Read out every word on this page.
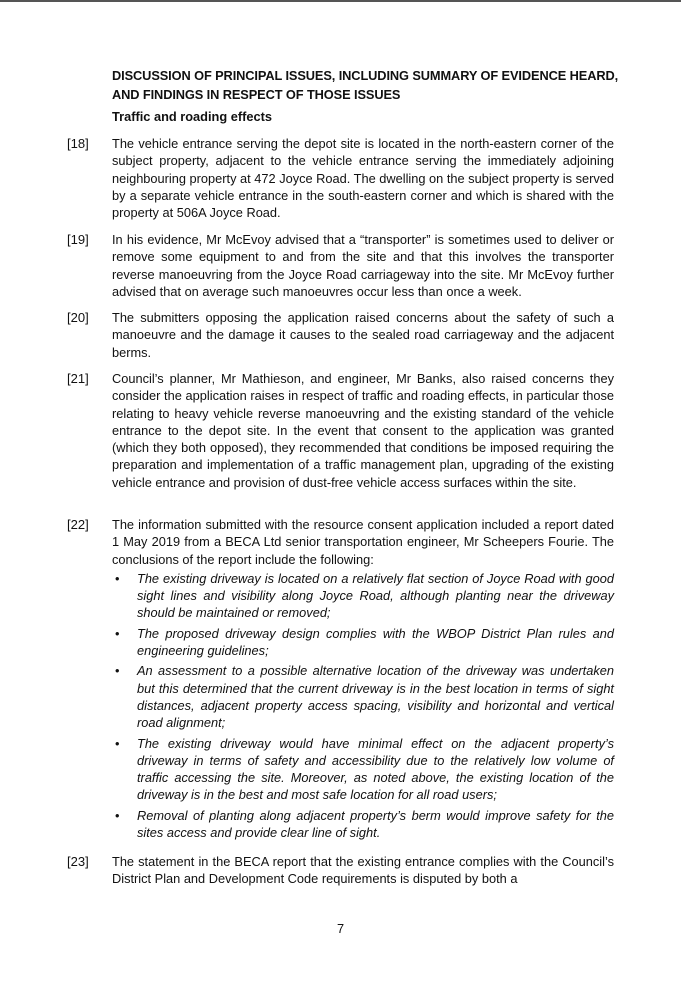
DISCUSSION OF PRINCIPAL ISSUES, INCLUDING SUMMARY OF EVIDENCE HEARD, AND FINDINGS IN RESPECT OF THOSE ISSUES
Traffic and roading effects
[18] The vehicle entrance serving the depot site is located in the north-eastern corner of the subject property, adjacent to the vehicle entrance serving the immediately adjoining neighbouring property at 472 Joyce Road. The dwelling on the subject property is served by a separate vehicle entrance in the south-eastern corner and which is shared with the property at 506A Joyce Road.
[19] In his evidence, Mr McEvoy advised that a “transporter” is sometimes used to deliver or remove some equipment to and from the site and that this involves the transporter reverse manoeuvring from the Joyce Road carriageway into the site. Mr McEvoy further advised that on average such manoeuvres occur less than once a week.
[20] The submitters opposing the application raised concerns about the safety of such a manoeuvre and the damage it causes to the sealed road carriageway and the adjacent berms.
[21] Council’s planner, Mr Mathieson, and engineer, Mr Banks, also raised concerns they consider the application raises in respect of traffic and roading effects, in particular those relating to heavy vehicle reverse manoeuvring and the existing standard of the vehicle entrance to the depot site. In the event that consent to the application was granted (which they both opposed), they recommended that conditions be imposed requiring the preparation and implementation of a traffic management plan, upgrading of the existing vehicle entrance and provision of dust-free vehicle access surfaces within the site.
[22] The information submitted with the resource consent application included a report dated 1 May 2019 from a BECA Ltd senior transportation engineer, Mr Scheepers Fourie. The conclusions of the report include the following:
• The existing driveway is located on a relatively flat section of Joyce Road with good sight lines and visibility along Joyce Road, although planting near the driveway should be maintained or removed;
• The proposed driveway design complies with the WBOP District Plan rules and engineering guidelines;
• An assessment to a possible alternative location of the driveway was undertaken but this determined that the current driveway is in the best location in terms of sight distances, adjacent property access spacing, visibility and horizontal and vertical road alignment;
• The existing driveway would have minimal effect on the adjacent property’s driveway in terms of safety and accessibility due to the relatively low volume of traffic accessing the site. Moreover, as noted above, the existing location of the driveway is in the best and most safe location for all road users;
• Removal of planting along adjacent property’s berm would improve safety for the sites access and provide clear line of sight.
[23] The statement in the BECA report that the existing entrance complies with the Council’s District Plan and Development Code requirements is disputed by both a
7
